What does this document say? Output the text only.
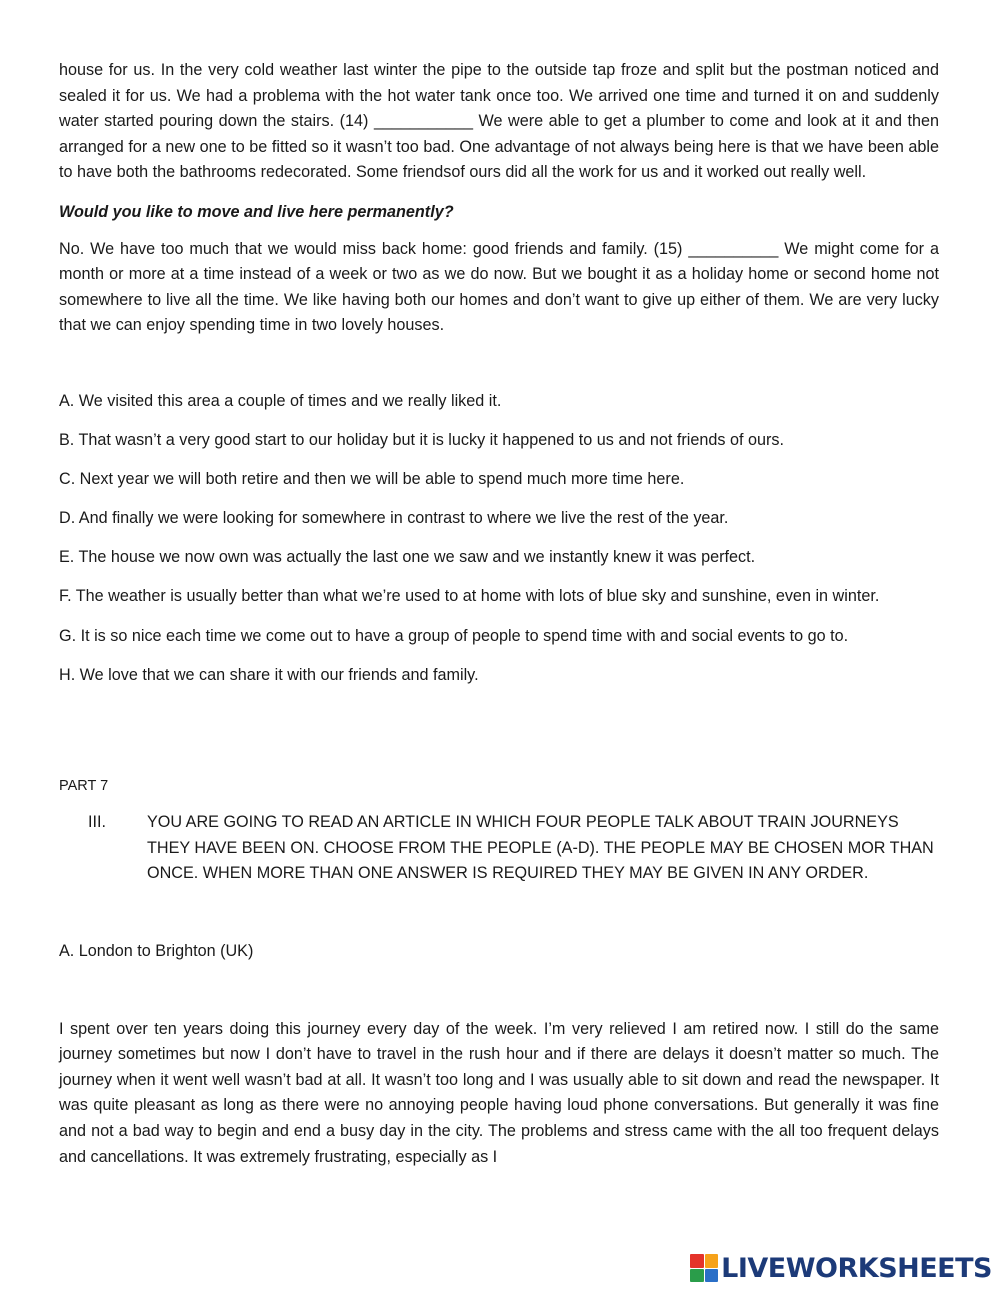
house for us. In the very cold weather last winter the pipe to the outside tap froze and split but the postman noticed and sealed it for us. We had a problema with the hot water tank once too. We arrived one time and turned it on and suddenly water started pouring down the stairs. (14) ___________ We were able to get a plumber to come and look at it and then arranged for a new one to be fitted so it wasn’t too bad. One advantage of not always being here is that we have been able to have both the bathrooms redecorated. Some friendsof ours did all the work for us and it worked out really well.

Would you like to move and live here permanently?

No. We have too much that we would miss back home: good friends and family. (15) __________ We might come for a month or more at a time instead of a week or two as we do now. But we bought it as a holiday home or second home not somewhere to live all the time. We like having both our homes and don’t want to give up either of them. We are very lucky that we can enjoy spending time in two lovely houses.

A. We visited this area a couple of times and we really liked it.

B. That wasn’t a very good start to our holiday but it is lucky it happened to us and not friends of ours.

C. Next year we will both retire and then we will be able to spend much more time here.

D. And finally we were looking for somewhere in contrast to where we live the rest of the year.

E. The house we now own was actually the last one we saw and we instantly knew it was perfect.

F. The weather is usually better than what we’re used to at home with lots of blue sky and sunshine, even in winter.

G. It is so nice each time we come out to have a group of people to spend time with and social events to go to.

H. We love that we can share it with our friends and family.

PART 7

III.	YOU ARE GOING TO READ AN ARTICLE IN WHICH FOUR PEOPLE TALK ABOUT TRAIN JOURNEYS THEY HAVE BEEN ON. CHOOSE FROM THE PEOPLE (A-D). THE PEOPLE MAY BE CHOSEN MOR THAN ONCE. WHEN MORE THAN ONE ANSWER IS REQUIRED THEY MAY BE GIVEN IN ANY ORDER.

A. London to Brighton (UK)

I spent over ten years doing this journey every day of the week. I’m very relieved I am retired now. I still do the same journey sometimes but now I don’t have to travel in the rush hour and if there are delays it doesn’t matter so much. The journey when it went well wasn’t bad at all. It wasn’t too long and I was usually able to sit down and read the newspaper. It was quite pleasant as long as there were no annoying people having loud phone conversations. But generally it was fine and not a bad way to begin and end a busy day in the city. The problems and stress came with the all too frequent delays and cancellations. It was extremely frustrating, especially as I

LIVEWORKSHEETS
